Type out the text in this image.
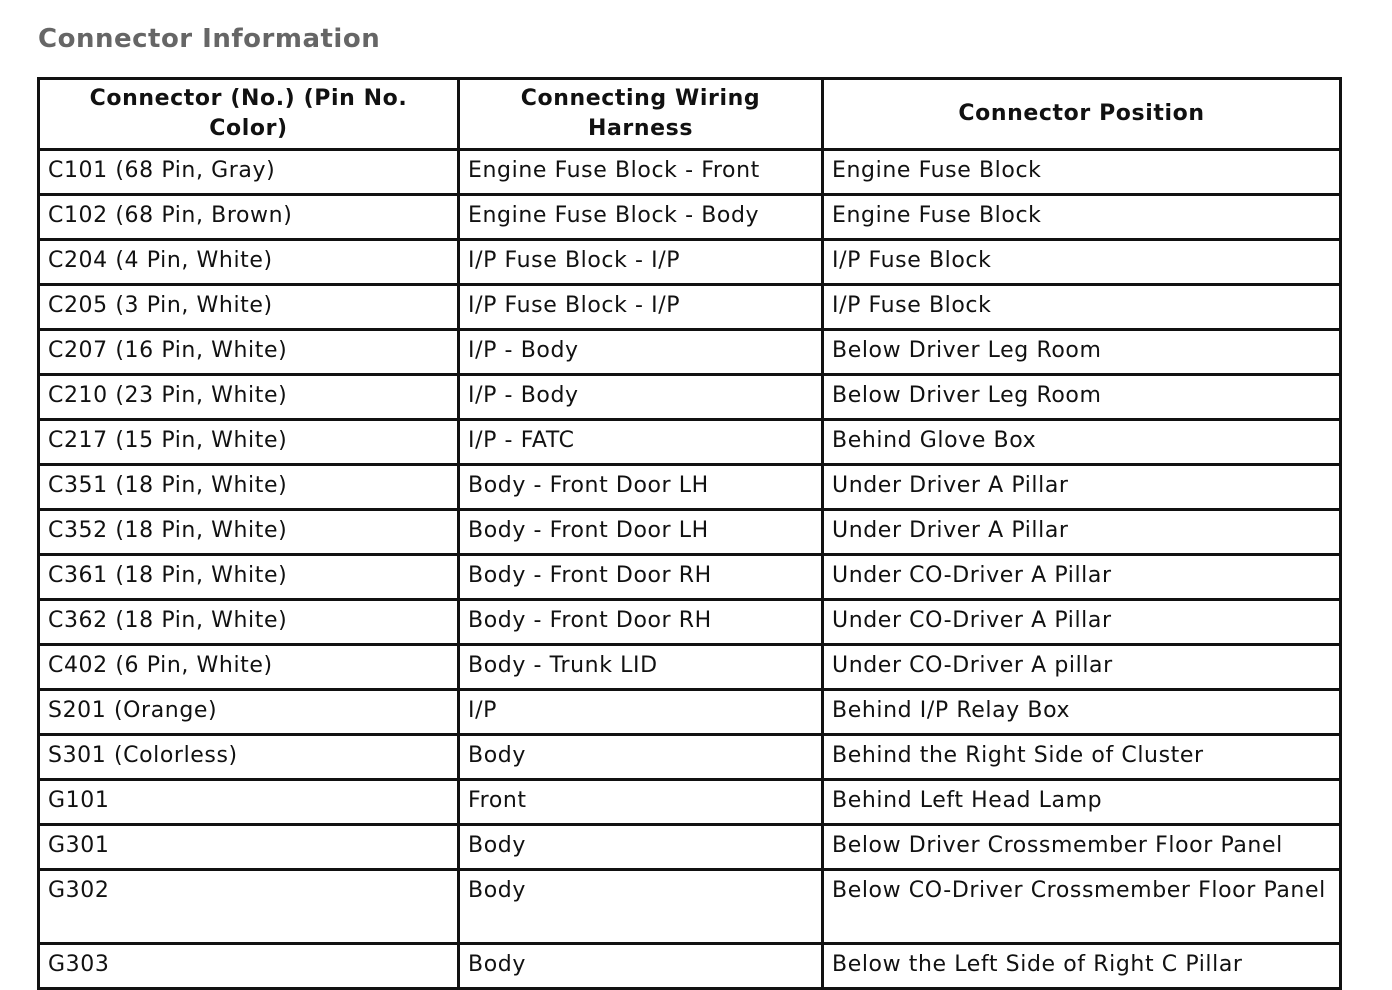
Connector Information
Connector (No.) (Pin No. Color)	Connecting Wiring Harness	Connector Position
C101 (68 Pin, Gray)	Engine Fuse Block - Front	Engine Fuse Block
C102 (68 Pin, Brown)	Engine Fuse Block - Body	Engine Fuse Block
C204 (4 Pin, White)	I/P Fuse Block - I/P	I/P Fuse Block
C205 (3 Pin, White)	I/P Fuse Block - I/P	I/P Fuse Block
C207 (16 Pin, White)	I/P - Body	Below Driver Leg Room
C210 (23 Pin, White)	I/P - Body	Below Driver Leg Room
C217 (15 Pin, White)	I/P - FATC	Behind Glove Box
C351 (18 Pin, White)	Body - Front Door LH	Under Driver A Pillar
C352 (18 Pin, White)	Body - Front Door LH	Under Driver A Pillar
C361 (18 Pin, White)	Body - Front Door RH	Under CO-Driver A Pillar
C362 (18 Pin, White)	Body - Front Door RH	Under CO-Driver A Pillar
C402 (6 Pin, White)	Body - Trunk LID	Under CO-Driver A pillar
S201 (Orange)	I/P	Behind I/P Relay Box
S301 (Colorless)	Body	Behind the Right Side of Cluster
G101	Front	Behind Left Head Lamp
G301	Body	Below Driver Crossmember Floor Panel
G302	Body	Below CO-Driver Crossmember Floor Panel
G303	Body	Below the Left Side of Right C Pillar
